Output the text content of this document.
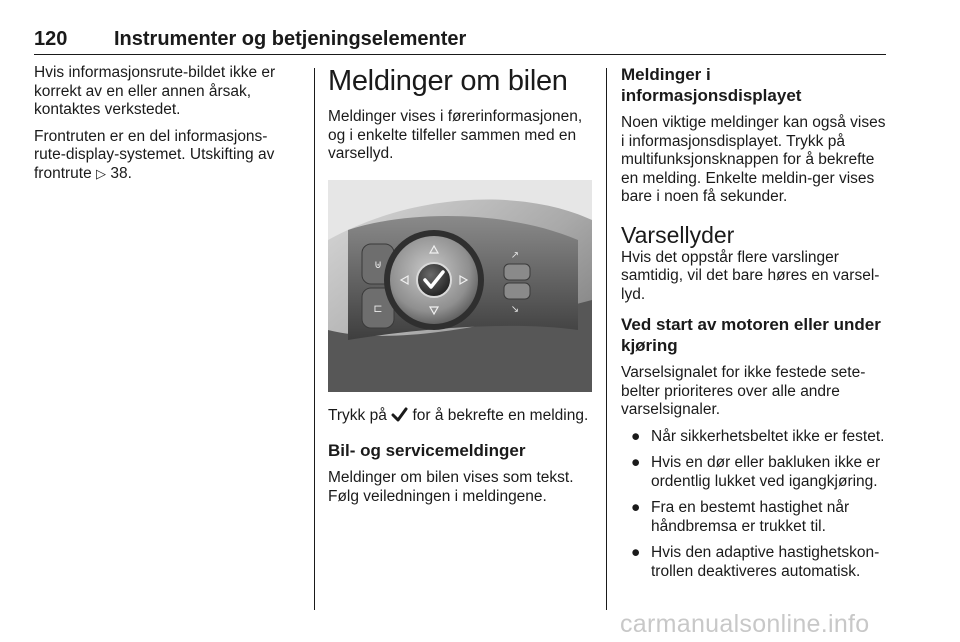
120 Instrumenter og betjeningselementer

Hvis informasjonsrute-bildet ikke er korrekt av en eller annen årsak, kontaktes verkstedet.

Frontruten er en del informasjons-rute-display-systemet. Utskifting av frontrute ▷ 38.

Meldinger om bilen

Meldinger vises i førerinformasjonen, og i enkelte tilfeller sammen med en varsellyd.

⊎
⊏
↗
↘

Trykk på for å bekrefte en melding.

Bil- og servicemeldinger

Meldinger om bilen vises som tekst. Følg veiledningen i meldingene.

Meldinger i informasjonsdisplayet

Noen viktige meldinger kan også vises i informasjonsdisplayet. Trykk på multifunksjonsknappen for å bekrefte en melding. Enkelte meldin-ger vises bare i noen få sekunder.

Varsellyder

Hvis det oppstår flere varslinger samtidig, vil det bare høres en varsel-lyd.

Ved start av motoren eller under kjøring

Varselsignalet for ikke festede sete-belter prioriteres over alle andre varselsignaler.

● Når sikkerhetsbeltet ikke er festet.
● Hvis en dør eller bakluken ikke er ordentlig lukket ved igangkjøring.
● Fra en bestemt hastighet når håndbremsa er trukket til.
● Hvis den adaptive hastighetskon-trollen deaktiveres automatisk.
carmanualsonline.info
